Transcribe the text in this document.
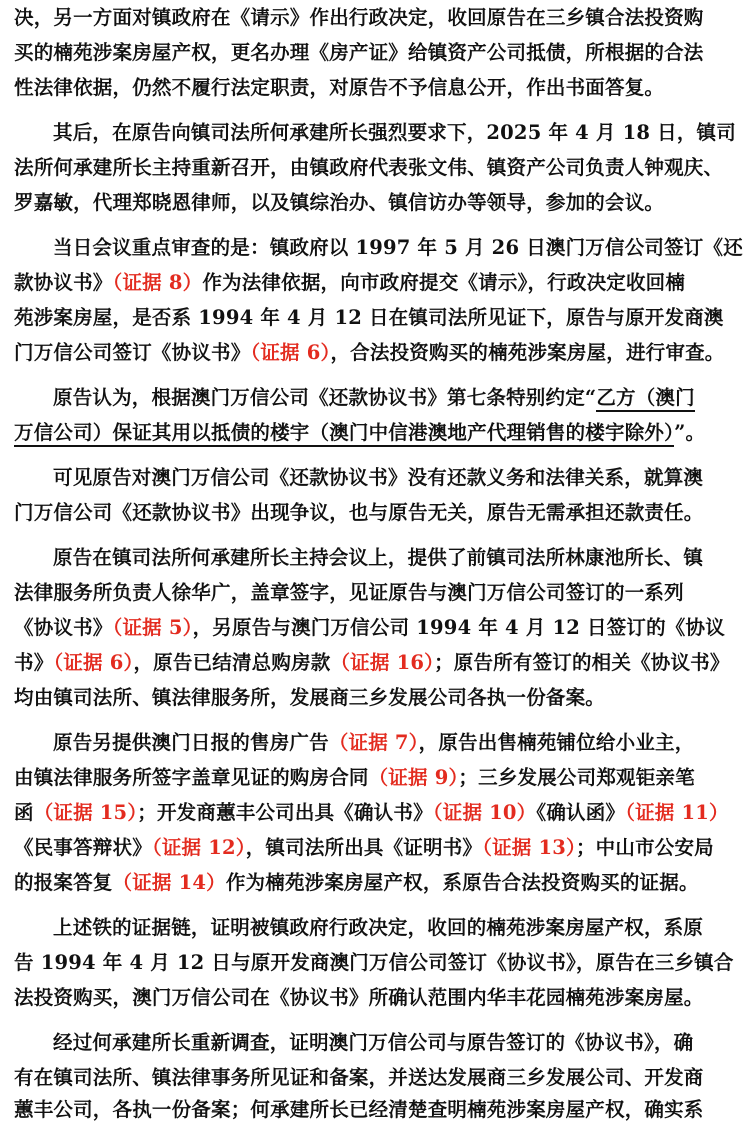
决，另一方面对镇政府在《请示》作出行政决定，收回原告在三乡镇合法投资购
买的楠苑涉案房屋产权，更名办理《房产证》给镇资产公司抵债，所根据的合法
性法律依据，仍然不履行法定职责，对原告不予信息公开，作出书面答复。
其后，在原告向镇司法所何承建所长强烈要求下，2025 年 4 月 18 日，镇司
法所何承建所长主持重新召开，由镇政府代表张文伟、镇资产公司负责人钟观庆、
罗嘉敏，代理郑晓恩律师，以及镇综治办、镇信访办等领导，参加的会议。
当日会议重点审查的是：镇政府以 1997 年 5 月 26 日澳门万信公司签订《还
款协议书》（证据 8）作为法律依据，向市政府提交《请示》，行政决定收回楠
苑涉案房屋，是否系 1994 年 4 月 12 日在镇司法所见证下，原告与原开发商澳
门万信公司签订《协议书》（证据 6），合法投资购买的楠苑涉案房屋，进行审查。
原告认为，根据澳门万信公司《还款协议书》第七条特别约定“乙方（澳门
万信公司）保证其用以抵债的楼宇（澳门中信港澳地产代理销售的楼宇除外）”。
可见原告对澳门万信公司《还款协议书》没有还款义务和法律关系，就算澳
门万信公司《还款协议书》出现争议，也与原告无关，原告无需承担还款责任。
原告在镇司法所何承建所长主持会议上，提供了前镇司法所林康池所长、镇
法律服务所负责人徐华广，盖章签字，见证原告与澳门万信公司签订的一系列
《协议书》（证据 5），另原告与澳门万信公司 1994 年 4 月 12 日签订的《协议
书》（证据 6），原告已结清总购房款（证据 16）；原告所有签订的相关《协议书》
均由镇司法所、镇法律服务所，发展商三乡发展公司各执一份备案。
原告另提供澳门日报的售房广告（证据 7），原告出售楠苑铺位给小业主，
由镇法律服务所签字盖章见证的购房合同（证据 9）；三乡发展公司郑观钜亲笔
函（证据 15）；开发商蕙丰公司出具《确认书》（证据 10）《确认函》（证据 11）
《民事答辩状》（证据 12），镇司法所出具《证明书》（证据 13）；中山市公安局
的报案答复（证据 14）作为楠苑涉案房屋产权，系原告合法投资购买的证据。
上述铁的证据链，证明被镇政府行政决定，收回的楠苑涉案房屋产权，系原
告 1994 年 4 月 12 日与原开发商澳门万信公司签订《协议书》，原告在三乡镇合
法投资购买，澳门万信公司在《协议书》所确认范围内华丰花园楠苑涉案房屋。
经过何承建所长重新调查，证明澳门万信公司与原告签订的《协议书》，确
有在镇司法所、镇法律事务所见证和备案，并送达发展商三乡发展公司、开发商
蕙丰公司，各执一份备案；何承建所长已经清楚查明楠苑涉案房屋产权，确实系
